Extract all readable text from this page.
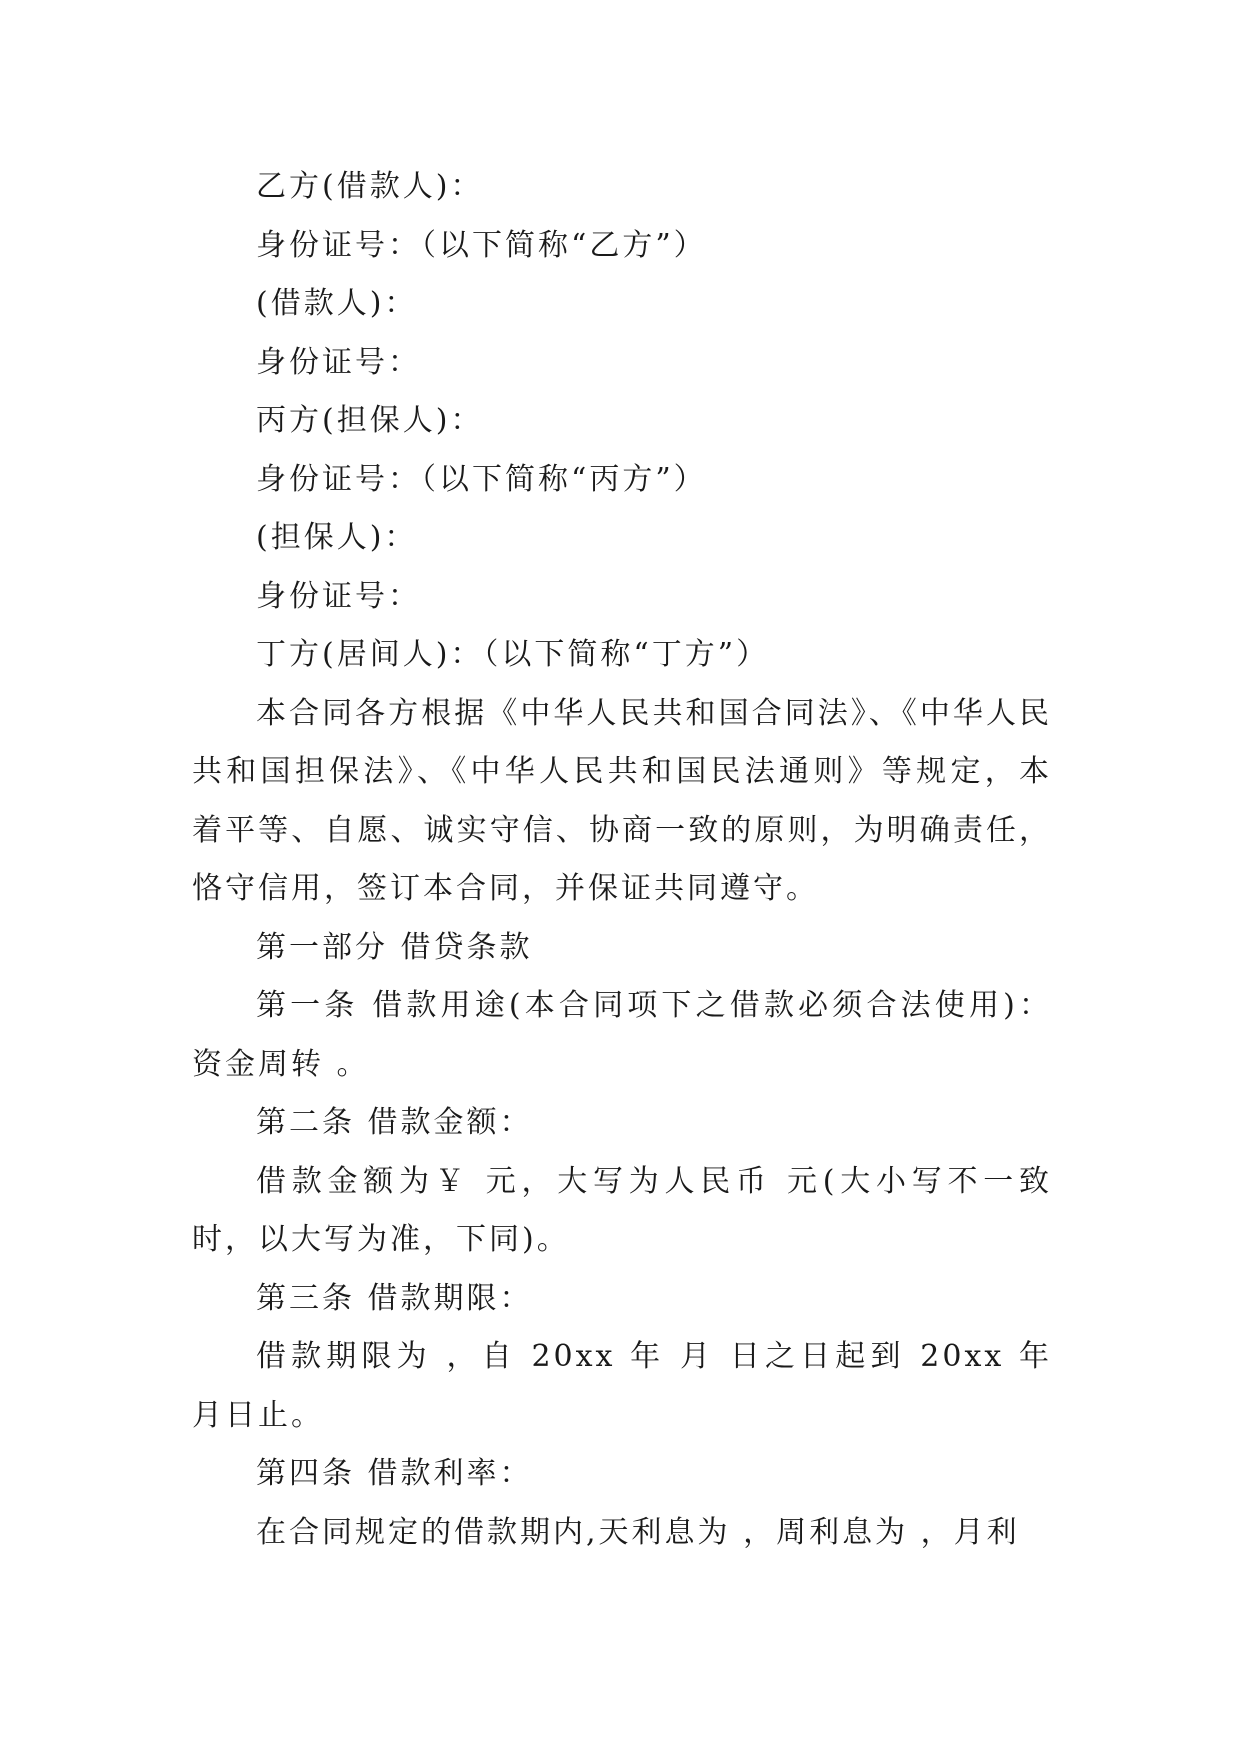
乙方(借款人)：

身份证号：（以下简称“乙方”）

(借款人)：

身份证号：

丙方(担保人)：

身份证号：（以下简称“丙方”）

(担保人)：

身份证号：

丁方(居间人)：（以下简称“丁方”）

本合同各方根据《中华人民共和国合同法》、《中华人民共和国担保法》、《中华人民共和国民法通则》等规定，本着平等、自愿、诚实守信、协商一致的原则，为明确责任，恪守信用，签订本合同，并保证共同遵守。

第一部分 借贷条款

第一条 借款用途(本合同项下之借款必须合法使用)：资金周转 。

第二条 借款金额：

借款金额为￥ 元，大写为人民币 元(大小写不一致时，以大写为准，下同)。

第三条 借款期限：

借款期限为 ，自 20xx 年 月 日之日起到 20xx 年 月日止。

第四条 借款利率：

在合同规定的借款期内,天利息为 ，周利息为 ，月利
